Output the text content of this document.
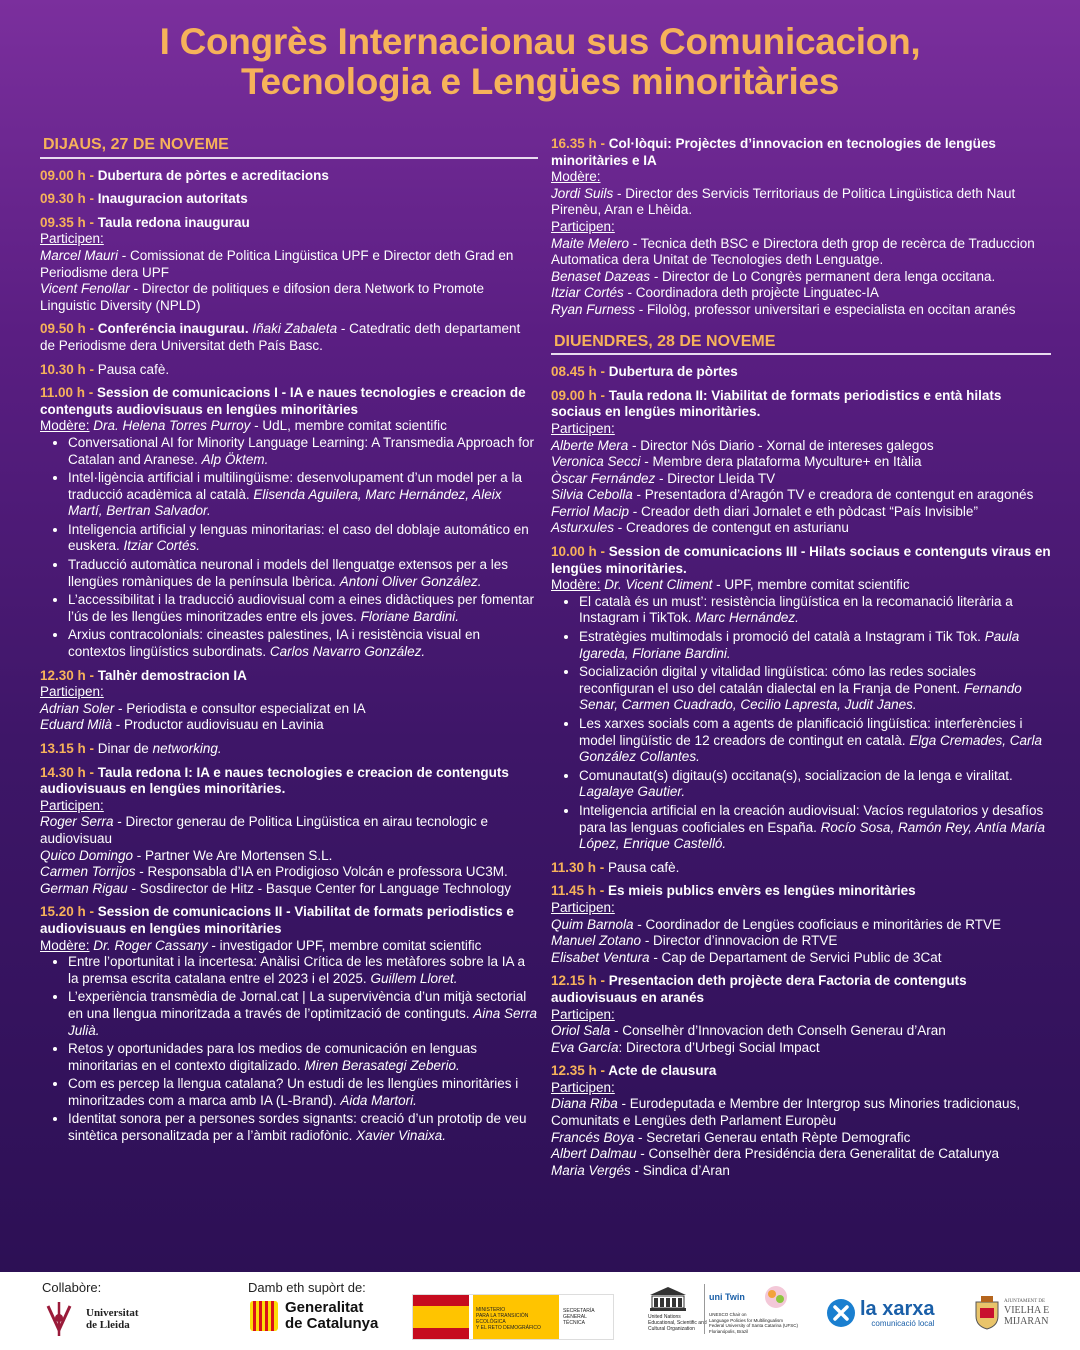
I Congrès Internacionau sus Comunicacion,
Tecnologia e Lengües minoritàries
DIJAUS, 27 DE NOVEME
09.00 h - Dubertura de pòrtes e acreditacions
09.30 h - Inauguracion autoritats
09.35 h - Taula redona inaugurau
Participen:
Marcel Mauri - Comissionat de Politica Lingüistica UPF e Director deth Grad en Periodisme dera UPF
Vicent Fenollar - Director de politiques e difosion dera Network to Promote Linguistic Diversity (NPLD)
09.50 h - Conferéncia inaugurau. Iñaki Zabaleta - Catedratic deth departament de Periodisme dera Universitat deth País Basc.
10.30 h - Pausa cafè.
11.00 h - Session de comunicacions I - IA e naues tecnologies e creacion de contenguts audiovisuaus en lengües minoritàries
Modère: Dra. Helena Torres Purroy - UdL, membre comitat scientific
• Conversational AI for Minority Language Learning: A Transmedia Approach for Catalan and Aranese. Alp Öktem.
• Intel·ligència artificial i multilingüisme: desenvolupament d’un model per a la traducció acadèmica al català. Elisenda Aguilera, Marc Hernández, Aleix Martí, Bertran Salvador.
• Inteligencia artificial y lenguas minoritarias: el caso del doblaje automático en euskera. Itziar Cortés.
• Traducció automàtica neuronal i models del llenguatge extensos per a les llengües romàniques de la península Ibèrica. Antoni Oliver González.
• L’accessibilitat i la traducció audiovisual com a eines didàctiques per fomentar l’ús de les llengües minoritzades entre els joves. Floriane Bardini.
• Arxius contracolonials: cineastes palestines, IA i resistència visual en contextos lingüístics subordinats. Carlos Navarro González.
12.30 h - Talhèr demostracion IA
Participen:
Adrian Soler - Periodista e consultor especializat en IA
Eduard Milà - Productor audiovisuau en Lavinia
13.15 h - Dinar de networking.
14.30 h - Taula redona I: IA e naues tecnologies e creacion de contenguts audiovisuaus en lengües minoritàries.
Participen:
Roger Serra - Director generau de Politica Lingüistica en airau tecnologic e audiovisuau
Quico Domingo - Partner We Are Mortensen S.L.
Carmen Torrijos - Responsabla d’IA en Prodigioso Volcán e professora UC3M.
German Rigau - Sosdirector de Hitz - Basque Center for Language Technology
15.20 h - Session de comunicacions II - Viabilitat de formats periodistics e audiovisuaus en lengües minoritàries
Modère: Dr. Roger Cassany - investigador UPF, membre comitat scientific
• Entre l’oportunitat i la incertesa: Anàlisi Crítica de les metàfores sobre la IA a la premsa escrita catalana entre el 2023 i el 2025. Guillem Lloret.
• L’experiència transmèdia de Jornal.cat | La supervivència d’un mitjà sectorial en una llengua minoritzada a través de l’optimització de continguts. Aina Serra Julià.
• Retos y oportunidades para los medios de comunicación en lenguas minoritarias en el contexto digitalizado. Miren Berasategi Zeberio.
• Com es percep la llengua catalana? Un estudi de les llengües minoritàries i minoritzades com a marca amb IA (L-Brand). Aida Martori.
• Identitat sonora per a persones sordes signants: creació d’un prototip de veu sintètica personalitzada per a l’àmbit radiofònic. Xavier Vinaixa.
16.35 h - Col·lòqui: Projèctes d’innovacion en tecnologies de lengües minoritàries e IA
Modère:
Jordi Suils - Director des Servicis Territoriaus de Politica Lingüistica deth Naut Pirenèu, Aran e Lhèida.
Participen:
Maite Melero - Tecnica deth BSC e Directora deth grop de recèrca de Traduccion Automatica dera Unitat de Tecnologies deth Lenguatge.
Benaset Dazeas - Director de Lo Congrès permanent dera lenga occitana.
Itziar Cortés - Coordinadora deth projècte Linguatec-IA
Ryan Furness - Filològ, professor universitari e especialista en occitan aranés
DIUENDRES, 28 DE NOVEME
08.45 h - Dubertura de pòrtes
09.00 h - Taula redona II: Viabilitat de formats periodistics e entà hilats sociaus en lengües minoritàries.
Participen:
Alberte Mera - Director Nós Diario - Xornal de intereses galegos
Veronica Secci - Membre dera plataforma Myculture+ en Itàlia
Òscar Fernández - Director Lleida TV
Silvia Cebolla - Presentadora d’Aragón TV e creadora de contengut en aragonés
Ferriol Macip - Creador deth diari Jornalet e eth pòdcast “País Invisible”
Asturxules - Creadores de contengut en asturianu
10.00 h - Session de comunicacions III - Hilats sociaus e contenguts viraus en lengües minoritàries.
Modère: Dr. Vicent Climent - UPF, membre comitat scientific
• El català és un must’: resistència lingüística en la recomanació literària a Instagram i TikTok. Marc Hernández.
• Estratègies multimodals i promoció del català a Instagram i Tik Tok. Paula Igareda, Floriane Bardini.
• Socialización digital y vitalidad lingüística: cómo las redes sociales reconfiguran el uso del catalán dialectal en la Franja de Ponent. Fernando Senar, Carmen Cuadrado, Cecilio Lapresta, Judit Janes.
• Les xarxes socials com a agents de planificació lingüística: interferències i model lingüístic de 12 creadors de contingut en català. Elga Cremades, Carla González Collantes.
• Comunautat(s) digitau(s) occitana(s), socializacion de la lenga e viralitat. Lagalaye Gautier.
• Inteligencia artificial en la creación audiovisual: Vacíos regulatorios y desafíos para las lenguas cooficiales en España. Rocío Sosa, Ramón Rey, Antía María López, Enrique Castelló.
11.30 h - Pausa cafè.
11.45 h - Es mieis publics envèrs es lengües minoritàries
Participen:
Quim Barnola - Coordinador de Lengües cooficiaus e minoritàries de RTVE
Manuel Zotano - Director d’innovacion de RTVE
Elisabet Ventura - Cap de Departament de Servici Public de 3Cat
12.15 h - Presentacion deth projècte dera Factoria de contenguts audiovisuaus en aranés
Participen:
Oriol Sala - Conselhèr d’Innovacion deth Conselh Generau d’Aran
Eva García: Directora d’Urbegi Social Impact
12.35 h - Acte de clausura
Participen:
Diana Riba - Eurodeputada e Membre der Intergrop sus Minories tradicionaus, Comunitats e Lengües deth Parlament Europèu
Francés Boya - Secretari Generau entath Rèpte Demografic
Albert Dalmau - Conselhèr dera Presidéncia dera Generalitat de Catalunya
Maria Vergés - Sindica d’Aran
Collabòre:	Damb eth supòrt de:
Universitat
de Lleida
Generalitat
de Catalunya
MINISTERIO
PARA LA TRANSICIÓN ECOLÓGICA
Y EL RETO DEMOGRÁFICO
SECRETARÍA
GENERAL
TÉCNICA
United Nations
Educational, Scientific and
Cultural Organization
uni Twin
UNESCO Chair on
Language Policies for Multilingualism
Federal University of Santa Catarina (UFSC)
Florianópolis, Brazil
la xarxa
comunicació local
AJUNTAMENT DE
VIELHA E
MIJARAN
